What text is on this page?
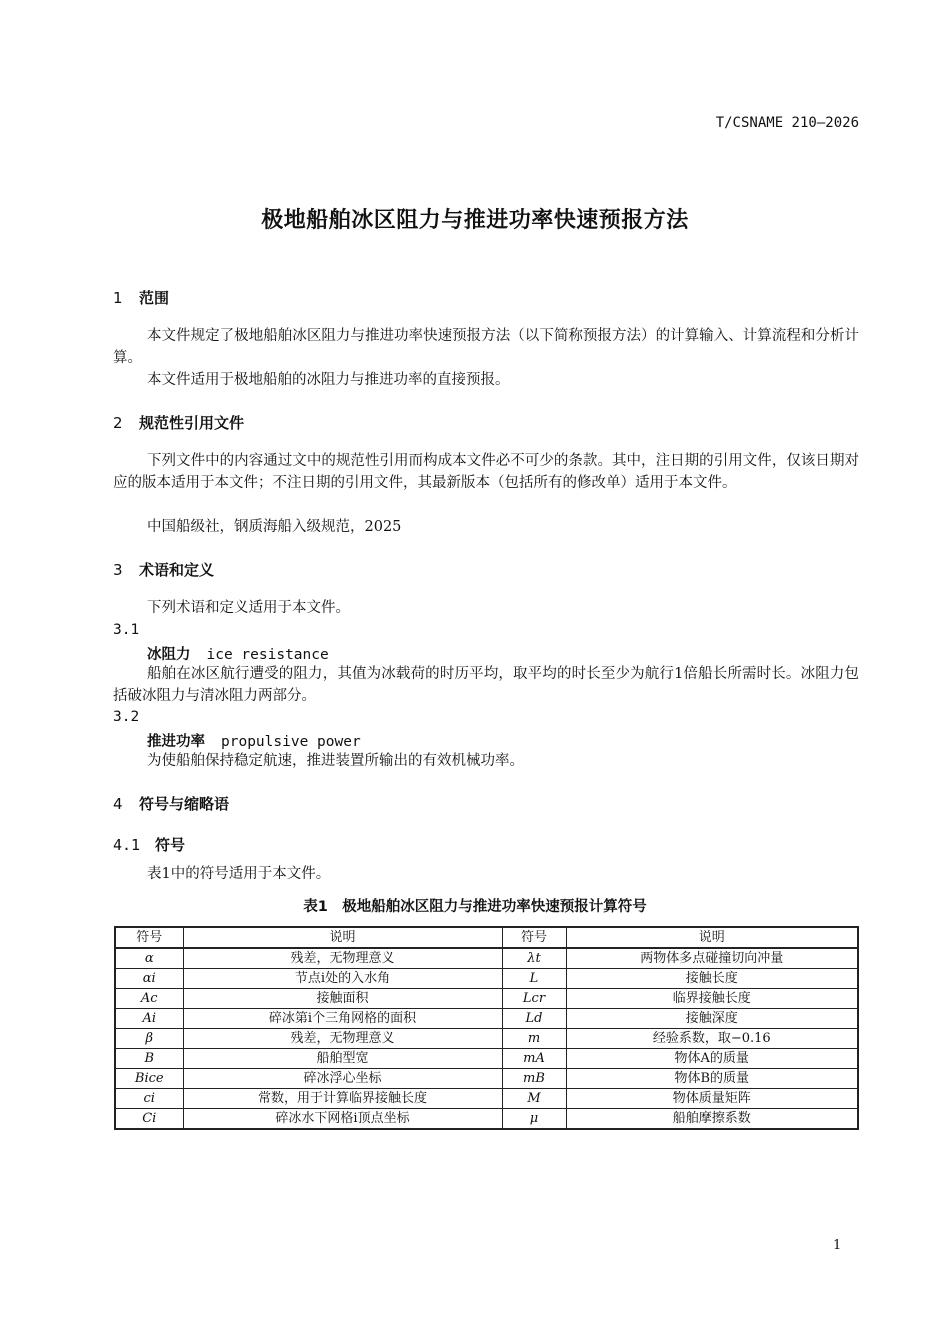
T/CSNAME 210—2026
极地船舶冰区阻力与推进功率快速预报方法
1 范围
本文件规定了极地船舶冰区阻力与推进功率快速预报方法（以下简称预报方法）的计算输入、计算流程和分析计算。
本文件适用于极地船舶的冰阻力与推进功率的直接预报。
2 规范性引用文件
下列文件中的内容通过文中的规范性引用而构成本文件必不可少的条款。其中，注日期的引用文件，仅该日期对应的版本适用于本文件；不注日期的引用文件，其最新版本（包括所有的修改单）适用于本文件。
中国船级社，钢质海船入级规范，2025
3 术语和定义
下列术语和定义适用于本文件。
3.1
冰阻力 ice resistance
船舶在冰区航行遭受的阻力，其值为冰载荷的时历平均，取平均的时长至少为航行1倍船长所需时长。冰阻力包括破冰阻力与清冰阻力两部分。
3.2
推进功率 propulsive power
为使船舶保持稳定航速，推进装置所输出的有效机械功率。
4 符号与缩略语
4.1 符号
表1中的符号适用于本文件。
表1　极地船舶冰区阻力与推进功率快速预报计算符号
符号	说明	符号	说明
α	残差，无物理意义	λt	两物体多点碰撞切向冲量
αi	节点i处的入水角	L	接触长度
Ac	接触面积	Lcr	临界接触长度
Ai	碎冰第i个三角网格的面积	Ld	接触深度
β	残差，无物理意义	m	经验系数，取−0.16
B	船舶型宽	mA	物体A的质量
Bice	碎冰浮心坐标	mB	物体B的质量
ci	常数，用于计算临界接触长度	M	物体质量矩阵
Ci	碎冰水下网格i顶点坐标	μ	船舶摩擦系数
1
